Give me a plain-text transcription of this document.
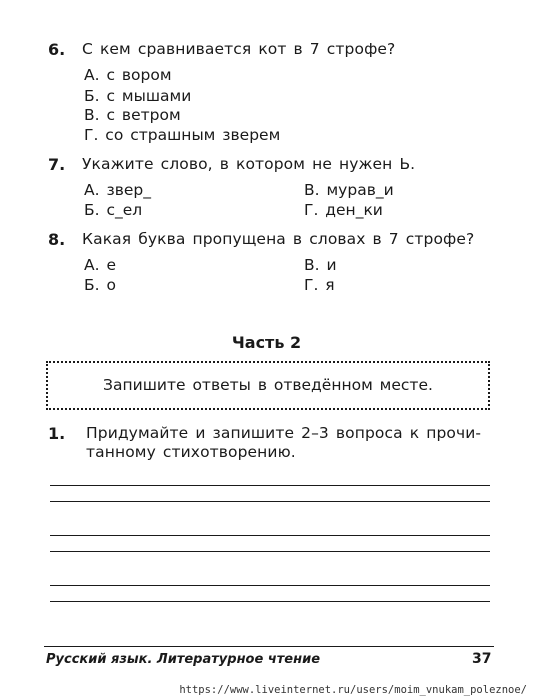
6. С кем сравнивается кот в 7 строфе?
А. с вором
Б. с мышами
В. с ветром
Г. со страшным зверем
7. Укажите слово, в котором не нужен Ь.
А. звер_	В. мурав_и
Б. с_ел	Г. ден_ки
8. Какая буква пропущена в словах в 7 строфе?
А. е	В. и
Б. о	Г. я
Часть 2
Запишите ответы в отведённом месте.
1. Придумайте и запишите 2–3 вопроса к прочи-
танному стихотворению.
Русский язык. Литературное чтение	37
https://www.liveinternet.ru/users/moim_vnukam_poleznoe/
